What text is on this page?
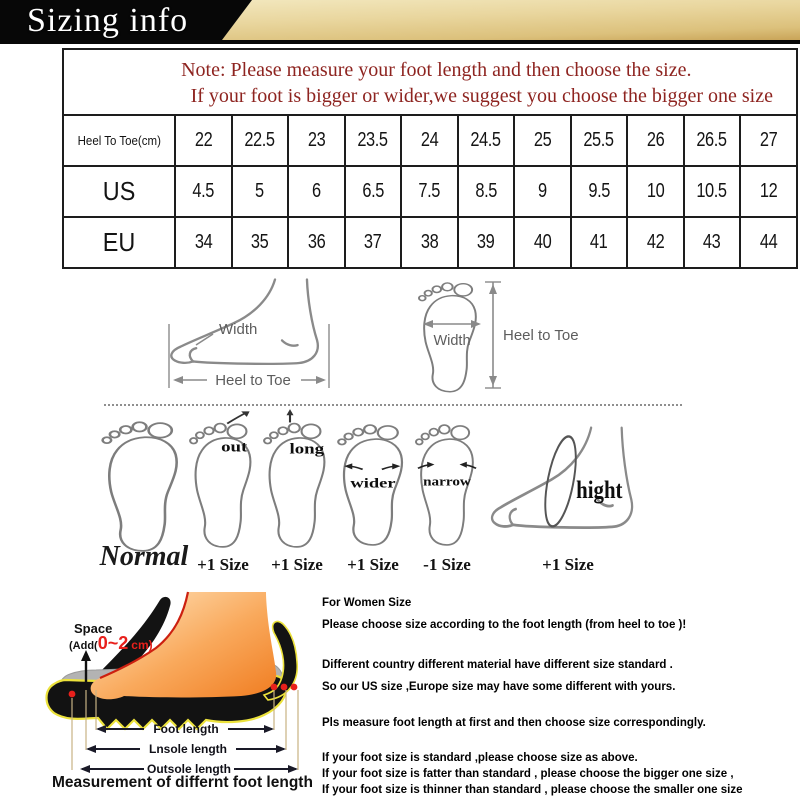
Sizing info
Note: Please measure your foot length and then choose the size.
If your foot is bigger or wider,we suggest you choose the bigger one size											

Heel To Toe(cm)	22	22.5	23	23.5	24	24.5	25	25.5	26	26.5	27
US	4.5	5	6	6.5	7.5	8.5	9	9.5	10	10.5	12
EU	34	35	36	37	38	39	40	41	42	43	44
Heel to Toe
Width
Width Heel to Toe
out long
wider narrow	hight
Normal +1 Size	+1 Size	+1 Size	-1 Size	+1 Size
Space
(Add(0~2 cm)
Foot length
Lnsole length
Outsole length
Measurement of differnt foot length
For Women Size
Please choose size according to the foot length (from heel to toe )!
Different country different material have different size standard .
So our US size ,Europe size may have some different with yours.
Pls measure foot length at first and then choose size correspondingly.
If your foot size is standard ,please choose size as above.
If your foot size is fatter than standard , please choose the bigger one size ,
If your foot size is thinner than standard , please choose the smaller one size
